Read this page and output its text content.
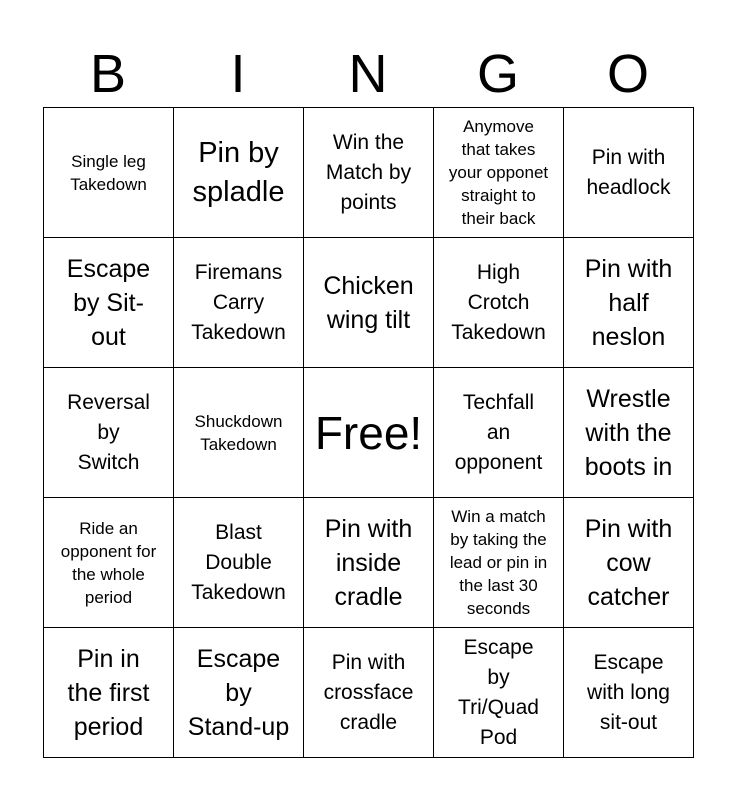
B	I	N	G	O
Single leg
Takedown	Pin by
spladle	Win the
Match by
points	Anymove
that takes
your opponet
straight to
their back	Pin with
headlock

Escape
by Sit-
out	Firemans
Carry
Takedown	Chicken
wing tilt	High
Crotch
Takedown	Pin with
half
neslon

Reversal
by
Switch	Shuckdown
Takedown	Free!	Techfall
an
opponent	Wrestle
with the
boots in

Ride an
opponent for
the whole
period	Blast
Double
Takedown	Pin with
inside
cradle	Win a match
by taking the
lead or pin in
the last 30
seconds	Pin with
cow
catcher

Pin in
the first
period	Escape
by
Stand-up	Pin with
crossface
cradle	Escape
by
Tri/Quad
Pod	Escape
with long
sit-out
